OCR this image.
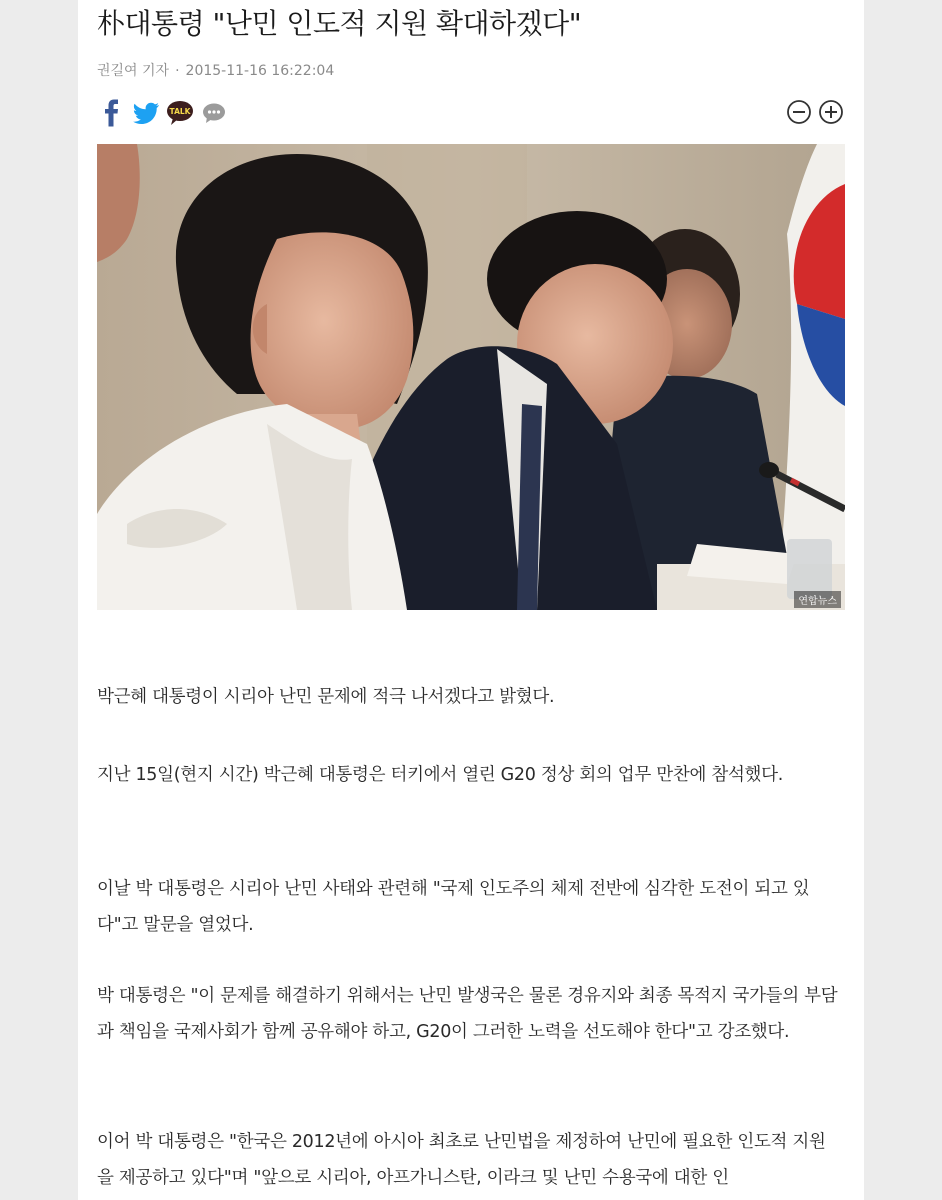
朴대통령 "난민 인도적 지원 확대하겠다"
권길여 기자 · 2015-11-16 16:22:04
TALK
연합뉴스

박근혜 대통령이 시리아 난민 문제에 적극 나서겠다고 밝혔다.

지난 15일(현지 시간) 박근혜 대통령은 터키에서 열린 G20 정상 회의 업무 만찬에 참석했다.

이날 박 대통령은 시리아 난민 사태와 관련해 "국제 인도주의 체제 전반에 심각한 도전이 되고 있다"고 말문을 열었다.

박 대통령은 "이 문제를 해결하기 위해서는 난민 발생국은 물론 경유지와 최종 목적지 국가들의 부담과 책임을 국제사회가 함께 공유해야 하고, G20이 그러한 노력을 선도해야 한다"고 강조했다.

이어 박 대통령은 "한국은 2012년에 아시아 최초로 난민법을 제정하여 난민에 필요한 인도적 지원을 제공하고 있다"며 "앞으로 시리아, 아프가니스탄, 이라크 및 난민 수용국에 대한 인
